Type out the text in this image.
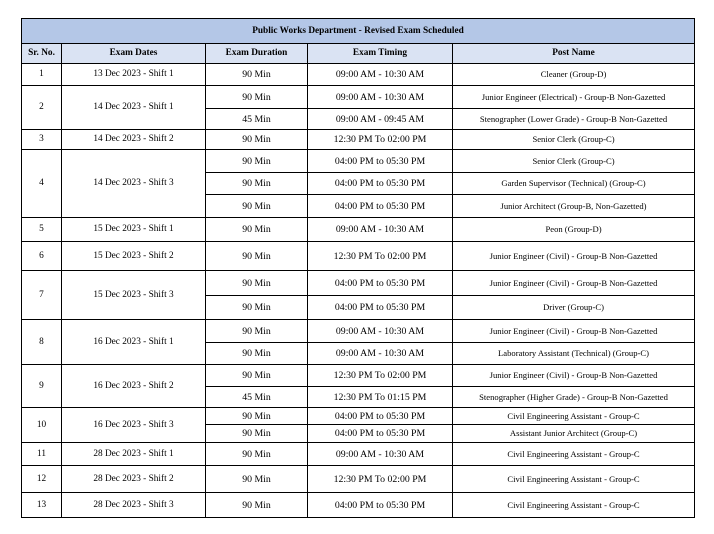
Public Works Department - Revised Exam Scheduled				
Sr. No.	Exam Dates	Exam Duration	Exam Timing	Post Name
1	13 Dec 2023 - Shift 1	90 Min	09:00 AM - 10:30 AM	Cleaner (Group-D)
2	14 Dec 2023 - Shift 1	90 Min	09:00 AM - 10:30 AM	Junior Engineer (Electrical) - Group-B Non-Gazetted
		45 Min	09:00 AM - 09:45 AM	Stenographer (Lower Grade) - Group-B Non-Gazetted
3	14 Dec 2023 - Shift 2	90 Min	12:30 PM To 02:00 PM	Senior Clerk (Group-C)
4	14 Dec 2023 - Shift 3	90 Min	04:00 PM to 05:30 PM	Senior Clerk (Group-C)
		90 Min	04:00 PM to 05:30 PM	Garden Supervisor (Technical) (Group-C)
		90 Min	04:00 PM to 05:30 PM	Junior Architect (Group-B, Non-Gazetted)
5	15 Dec 2023 - Shift 1	90 Min	09:00 AM - 10:30 AM	Peon (Group-D)
6	15 Dec 2023 - Shift 2	90 Min	12:30 PM To 02:00 PM	Junior Engineer (Civil) - Group-B Non-Gazetted
7	15 Dec 2023 - Shift 3	90 Min	04:00 PM to 05:30 PM	Junior Engineer (Civil) - Group-B Non-Gazetted
		90 Min	04:00 PM to 05:30 PM	Driver (Group-C)
8	16 Dec 2023 - Shift 1	90 Min	09:00 AM - 10:30 AM	Junior Engineer (Civil) - Group-B Non-Gazetted
		90 Min	09:00 AM - 10:30 AM	Laboratory Assistant (Technical) (Group-C)
9	16 Dec 2023 - Shift 2	90 Min	12:30 PM To 02:00 PM	Junior Engineer (Civil) - Group-B Non-Gazetted
		45 Min	12:30 PM To 01:15 PM	Stenographer (Higher Grade) - Group-B Non-Gazetted
10	16 Dec 2023 - Shift 3	90 Min	04:00 PM to 05:30 PM	Civil Engineering Assistant - Group-C
		90 Min	04:00 PM to 05:30 PM	Assistant Junior Architect (Group-C)
11	28 Dec 2023 - Shift 1	90 Min	09:00 AM - 10:30 AM	Civil Engineering Assistant - Group-C
12	28 Dec 2023 - Shift 2	90 Min	12:30 PM To 02:00 PM	Civil Engineering Assistant - Group-C
13	28 Dec 2023 - Shift 3	90 Min	04:00 PM to 05:30 PM	Civil Engineering Assistant - Group-C
